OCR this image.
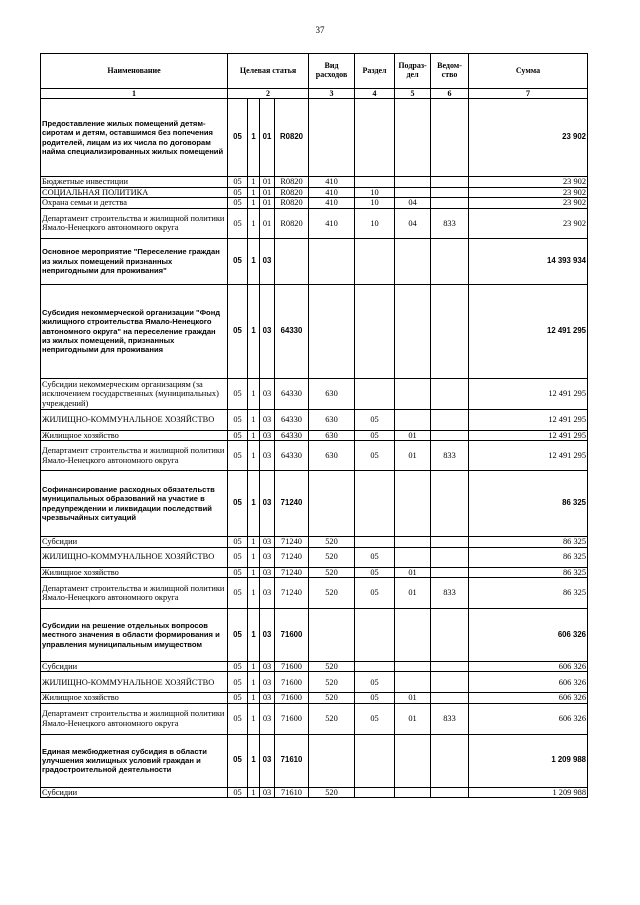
37
Наименование	Целевая статья				Вид расходов	Раздел	Подраз-дел	Ведом-ство	Сумма
1	2				3	4	5	6	7
Предоставление жилых помещений детям-сиротам и детям, оставшимся без попечения родителей, лицам из их числа по договорам найма специализированных жилых помещений	05	1	01	R0820					23 902
Бюджетные инвестиции	05	1	01	R0820	410				23 902
СОЦИАЛЬНАЯ ПОЛИТИКА	05	1	01	R0820	410	10			23 902
Охрана семьи и детства	05	1	01	R0820	410	10	04		23 902
Департамент строительства и жилищной политики Ямало-Ненецкого автономного округа	05	1	01	R0820	410	10	04	833	23 902
Основное мероприятие "Переселение граждан из жилых помещений признанных непригодными для проживания"	05	1	03						14 393 934
Субсидия некоммерческой организации "Фонд жилищного строительства Ямало-Ненецкого автономного округа" на переселение граждан из жилых помещений, признанных непригодными для проживания	05	1	03	64330					12 491 295
Субсидии некоммерческим организациям (за исключением государственных (муниципальных) учреждений)	05	1	03	64330	630				12 491 295
ЖИЛИЩНО-КОММУНАЛЬНОЕ ХОЗЯЙСТВО	05	1	03	64330	630	05			12 491 295
Жилищное хозяйство	05	1	03	64330	630	05	01		12 491 295
Департамент строительства и жилищной политики Ямало-Ненецкого автономного округа	05	1	03	64330	630	05	01	833	12 491 295
Софинансирование расходных обязательств муниципальных образований на участие в предупреждении и ликвидации последствий чрезвычайных ситуаций	05	1	03	71240					86 325
Субсидии	05	1	03	71240	520				86 325
ЖИЛИЩНО-КОММУНАЛЬНОЕ ХОЗЯЙСТВО	05	1	03	71240	520	05			86 325
Жилищное хозяйство	05	1	03	71240	520	05	01		86 325
Департамент строительства и жилищной политики Ямало-Ненецкого автономного округа	05	1	03	71240	520	05	01	833	86 325
Субсидии на решение отдельных вопросов местного значения в области формирования и управления муниципальным имуществом	05	1	03	71600					606 326
Субсидии	05	1	03	71600	520				606 326
ЖИЛИЩНО-КОММУНАЛЬНОЕ ХОЗЯЙСТВО	05	1	03	71600	520	05			606 326
Жилищное хозяйство	05	1	03	71600	520	05	01		606 326
Департамент строительства и жилищной политики Ямало-Ненецкого автономного округа	05	1	03	71600	520	05	01	833	606 326
Единая межбюджетная субсидия в области улучшения жилищных условий граждан и градостроительной деятельности	05	1	03	71610					1 209 988
Субсидии	05	1	03	71610	520				1 209 988
